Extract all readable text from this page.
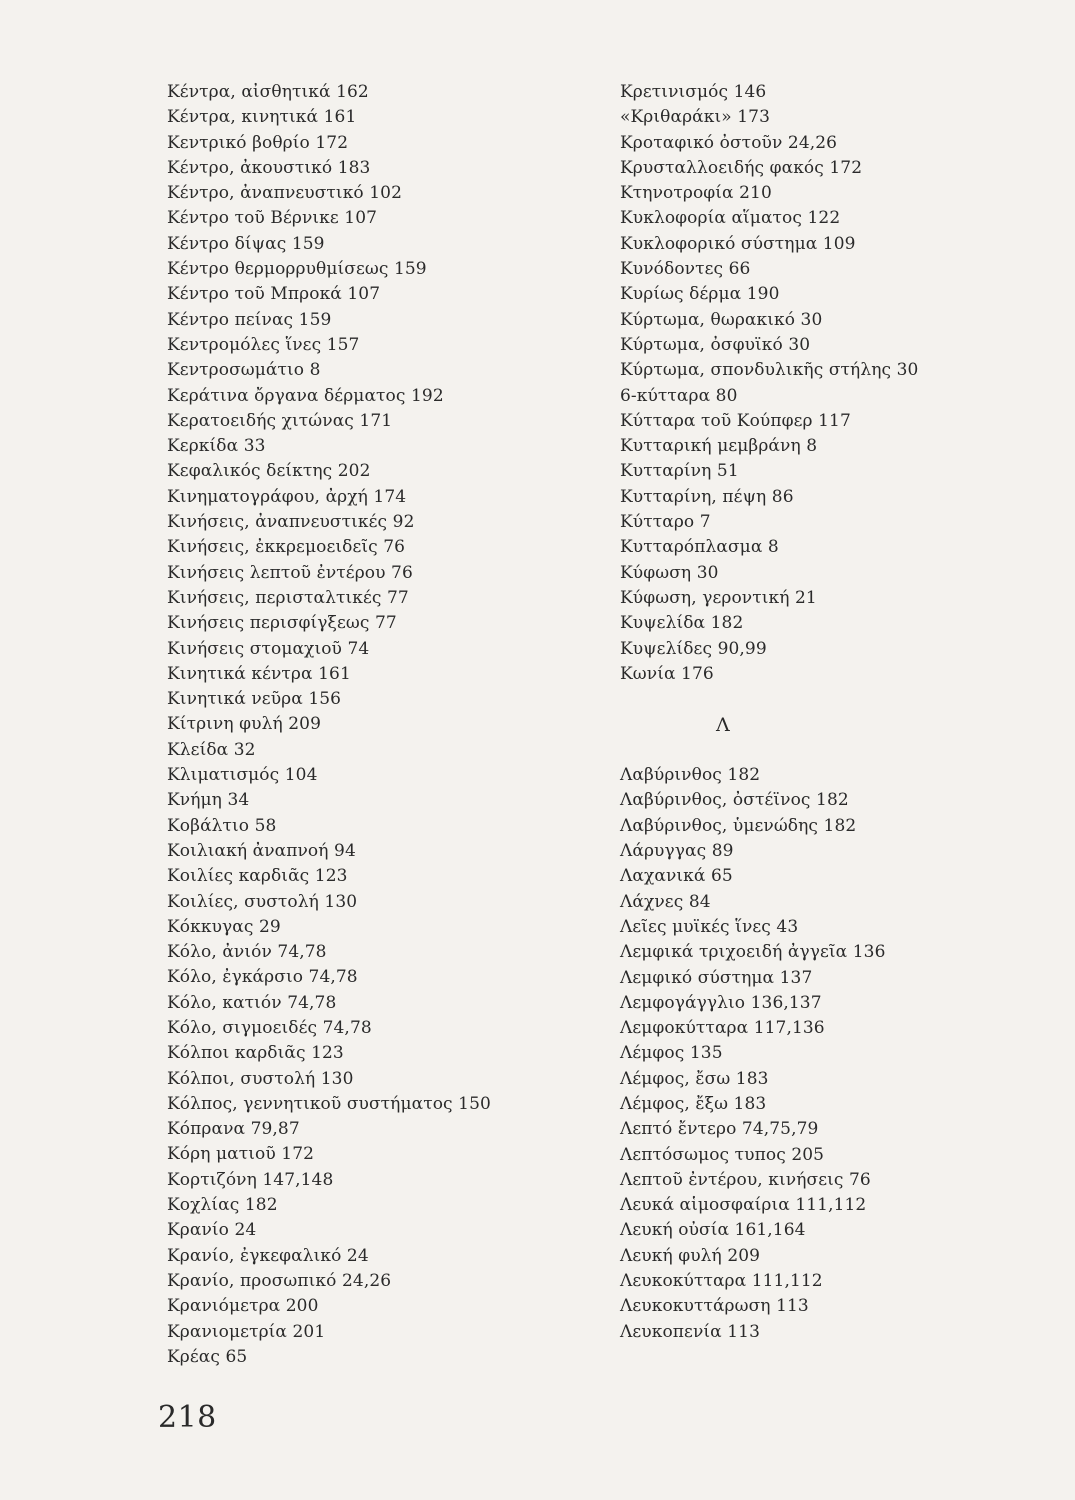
Κέντρα, αἰσθητικά 162
Κέντρα, κινητικά 161
Κεντρικό βοθρίο 172
Κέντρο, ἀκουστικό 183
Κέντρο, ἀναπνευστικό 102
Κέντρο τοῦ Βέρνικε 107
Κέντρο δίψας 159
Κέντρο θερμορρυθμίσεως 159
Κέντρο τοῦ Μπροκά 107
Κέντρο πείνας 159
Κεντρομόλες ἵνες 157
Κεντροσωμάτιο 8
Κεράτινα ὄργανα δέρματος 192
Κερατοειδής χιτώνας 171
Κερκίδα 33
Κεφαλικός δείκτης 202
Κινηματογράφου, ἀρχή 174
Κινήσεις, ἀναπνευστικές 92
Κινήσεις, ἐκκρεμοειδεῖς 76
Κινήσεις λεπτοῦ ἐντέρου 76
Κινήσεις, περισταλτικές 77
Κινήσεις περισφίγξεως 77
Κινήσεις στομαχιοῦ 74
Κινητικά κέντρα 161
Κινητικά νεῦρα 156
Κίτρινη φυλή 209
Κλείδα 32
Κλιματισμός 104
Κνήμη 34
Κοβάλτιο 58
Κοιλιακή ἀναπνοή 94
Κοιλίες καρδιᾶς 123
Κοιλίες, συστολή 130
Κόκκυγας 29
Κόλο, ἀνιόν 74,78
Κόλο, ἐγκάρσιο 74,78
Κόλο, κατιόν 74,78
Κόλο, σιγμοειδές 74,78
Κόλποι καρδιᾶς 123
Κόλποι, συστολή 130
Κόλπος, γεννητικοῦ συστήματος 150
Κόπρανα 79,87
Κόρη ματιοῦ 172
Κορτιζόνη 147,148
Κοχλίας 182
Κρανίο 24
Κρανίο, ἐγκεφαλικό 24
Κρανίο, προσωπικό 24,26
Κρανιόμετρα 200
Κρανιομετρία 201
Κρέας 65
Κρετινισμός 146
«Κριθαράκι» 173
Κροταφικό ὀστοῦν 24,26
Κρυσταλλοειδής φακός 172
Κτηνοτροφία 210
Κυκλοφορία αἵματος 122
Κυκλοφορικό σύστημα 109
Κυνόδοντες 66
Κυρίως δέρμα 190
Κύρτωμα, θωρακικό 30
Κύρτωμα, ὀσφυϊκό 30
Κύρτωμα, σπονδυλικῆς στήλης 30
6-κύτταρα 80
Κύτταρα τοῦ Κούπφερ 117
Κυτταρική μεμβράνη 8
Κυτταρίνη 51
Κυτταρίνη, πέψη 86
Κύτταρο 7
Κυτταρόπλασμα 8
Κύφωση 30
Κύφωση, γεροντική 21
Κυψελίδα 182
Κυψελίδες 90,99
Κωνία 176
Λ
Λαβύρινθος 182
Λαβύρινθος, ὀστέϊνος 182
Λαβύρινθος, ὑμενώδης 182
Λάρυγγας 89
Λαχανικά 65
Λάχνες 84
Λεῖες μυϊκές ἵνες 43
Λεμφικά τριχοειδή ἀγγεῖα 136
Λεμφικό σύστημα 137
Λεμφογάγγλιο 136,137
Λεμφοκύτταρα 117,136
Λέμφος 135
Λέμφος, ἔσω 183
Λέμφος, ἔξω 183
Λεπτό ἔντερο 74,75,79
Λεπτόσωμος τυπος 205
Λεπτοῦ ἐντέρου, κινήσεις 76
Λευκά αἱμοσφαίρια 111,112
Λευκή οὐσία 161,164
Λευκή φυλή 209
Λευκοκύτταρα 111,112
Λευκοκυττάρωση 113
Λευκοπενία 113
218
